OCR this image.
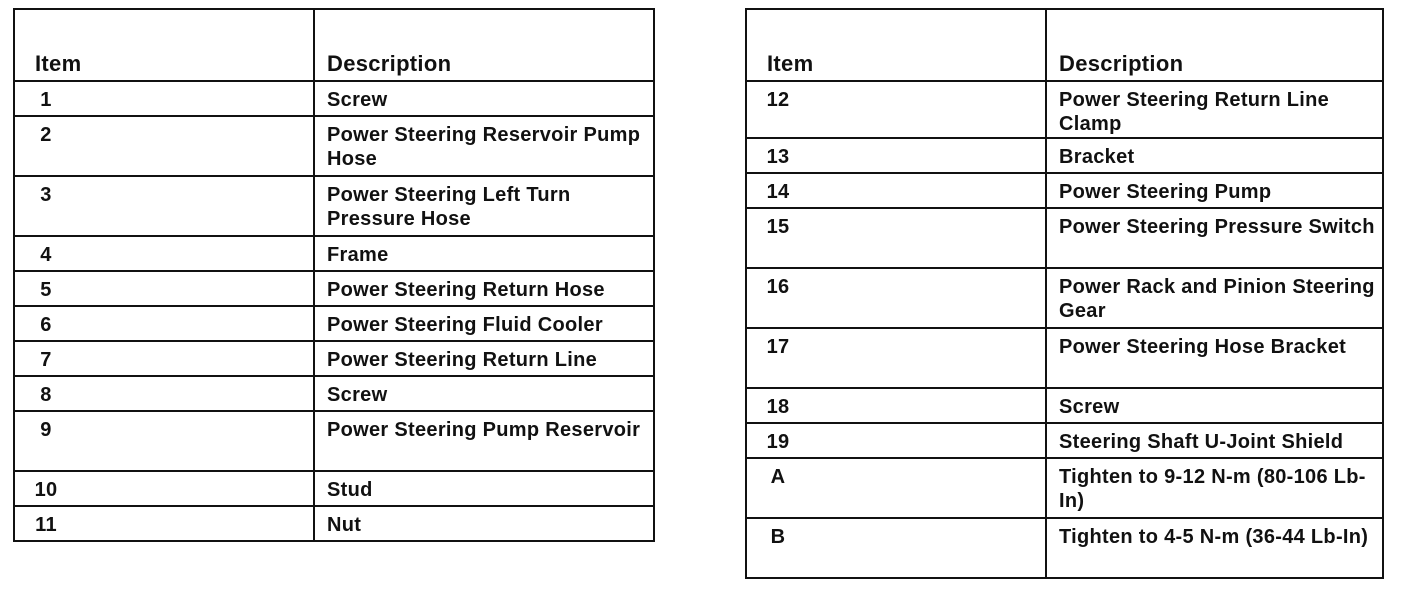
Item	Description
1	Screw
2	Power Steering Reservoir Pump Hose
3	Power Steering Left Turn Pressure Hose
4	Frame
5	Power Steering Return Hose
6	Power Steering Fluid Cooler
7	Power Steering Return Line
8	Screw
9	Power Steering Pump Reservoir
10	Stud
11	Nut
Item	Description
12	Power Steering Return Line Clamp
13	Bracket
14	Power Steering Pump
15	Power Steering Pressure Switch
16	Power Rack and Pinion Steering Gear
17	Power Steering Hose Bracket
18	Screw
19	Steering Shaft U-Joint Shield
A	Tighten to 9-12 N-m (80-106 Lb-In)
B	Tighten to 4-5 N-m (36-44 Lb-In)
